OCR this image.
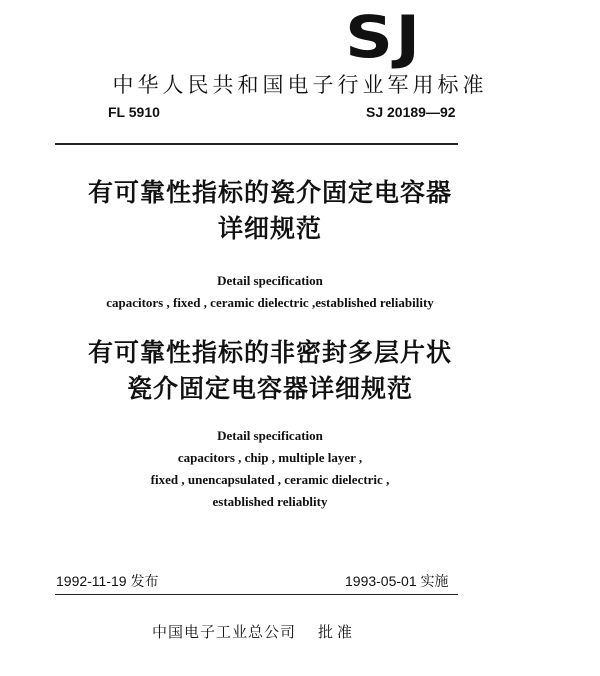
SJ
中华人民共和国电子行业军用标准
FL 5910	SJ 20189—92
有可靠性指标的瓷介固定电容器
详细规范
Detail specification
capacitors , fixed , ceramic dielectric ,established reliability
有可靠性指标的非密封多层片状
瓷介固定电容器详细规范
Detail specification
capacitors , chip , multiple layer ,
fixed , unencapsulated , ceramic dielectric ,
established reliablity
1992-11-19 发布	1993-05-01 实施
中国电子工业总公司 批准
